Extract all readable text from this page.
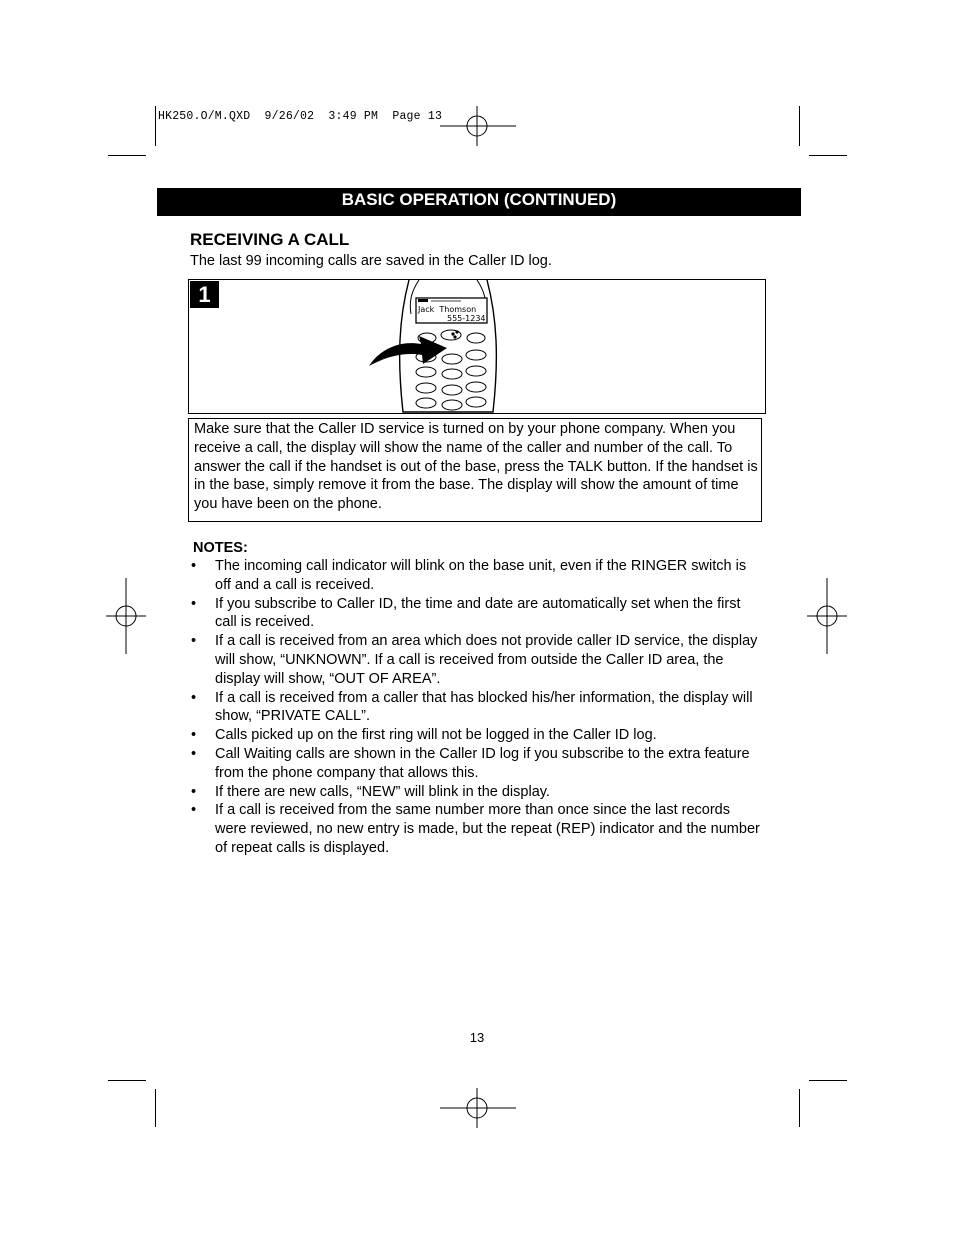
HK250.O/M.QXD  9/26/02  3:49 PM  Page 13
BASIC OPERATION (CONTINUED)
RECEIVING A CALL
The last 99 incoming calls are saved in the Caller ID log.
1
Jack  Thomson
555-1234
Make sure that the Caller ID service is turned on by your phone company. When you receive a call, the display will show the name of the caller and number of the call. To answer the call if the handset is out of the base, press the TALK button. If the handset is in the base, simply remove it from the base. The display will show the amount of time you have been on the phone.
NOTES:
• The incoming call indicator will blink on the base unit, even if the RINGER switch is off and a call is received.
• If you subscribe to Caller ID, the time and date are automatically set when the first call is received.
• If a call is received from an area which does not provide caller ID service, the display will show, “UNKNOWN”. If a call is received from outside the Caller ID area, the display will show, “OUT OF AREA”.
• If a call is received from a caller that has blocked his/her information, the display will show, “PRIVATE CALL”.
• Calls picked up on the first ring will not be logged in the Caller ID log.
• Call Waiting calls are shown in the Caller ID log if you subscribe to the extra feature from the phone company that allows this.
• If there are new calls, “NEW” will blink in the display.
• If a call is received from the same number more than once since the last records were reviewed, no new entry is made, but the repeat (REP) indicator and the number of repeat calls is displayed.
13
